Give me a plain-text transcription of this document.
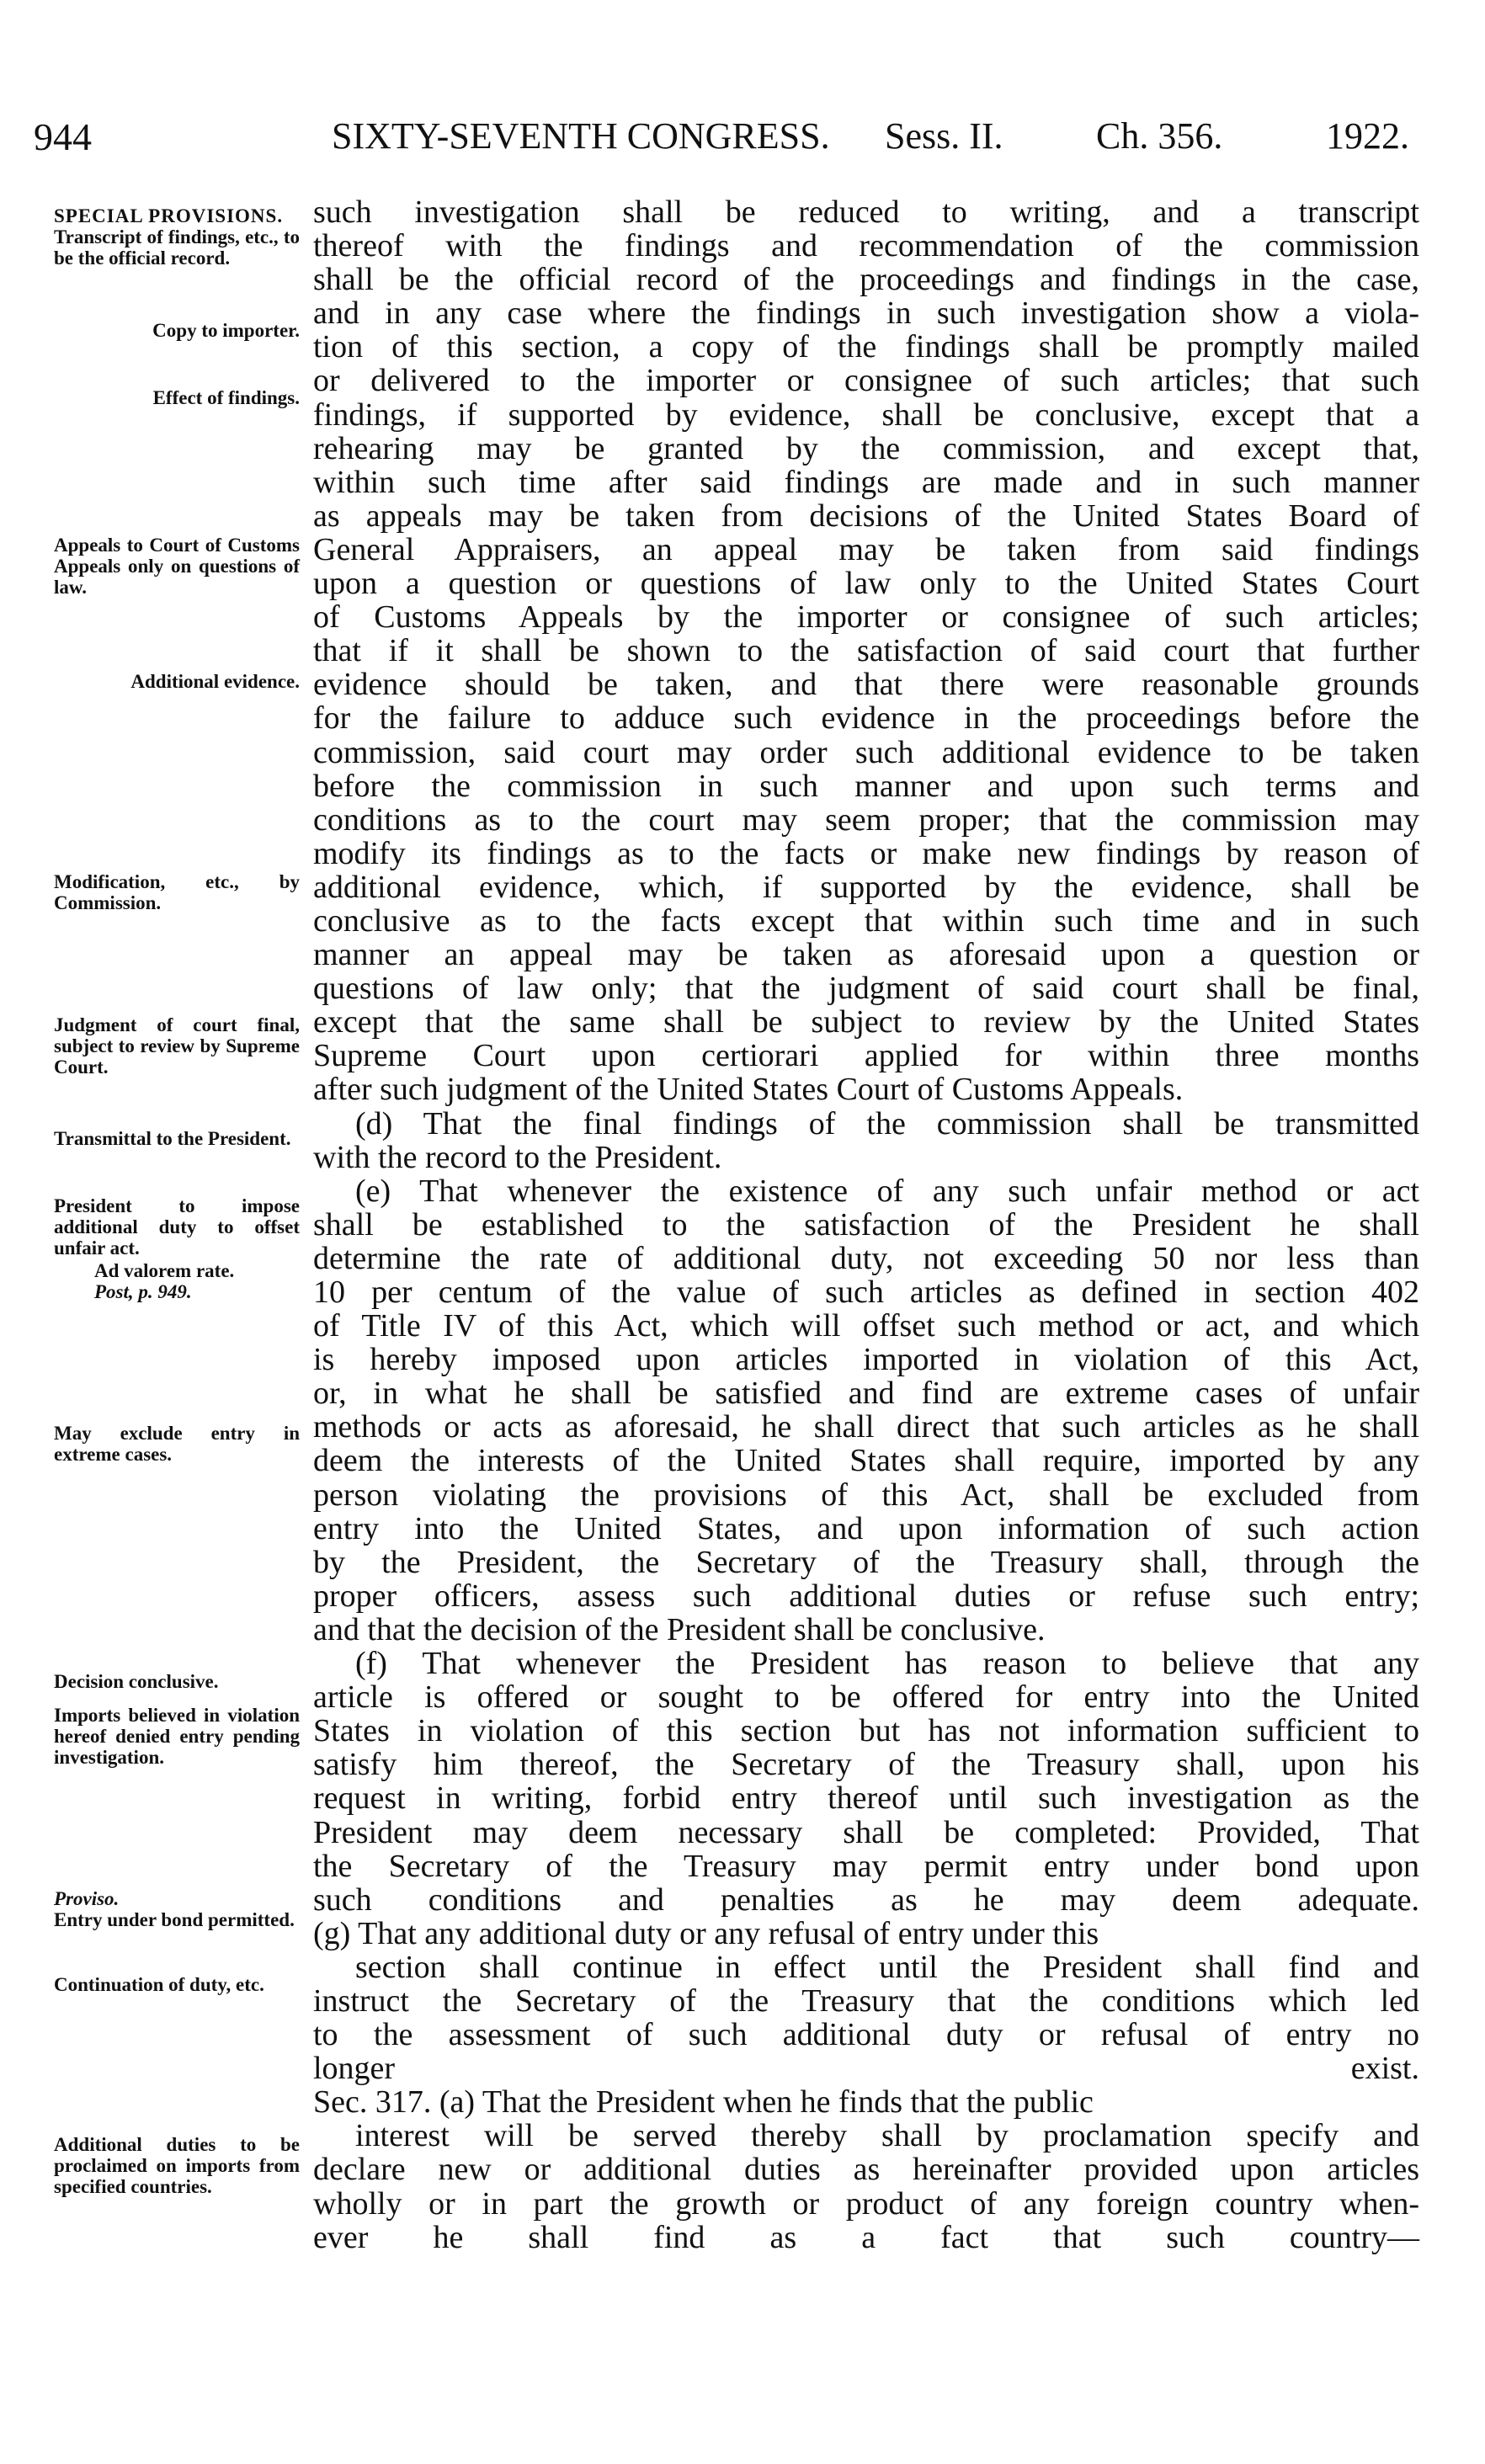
944	SIXTY-SEVENTH CONGRESS. Sess. II.	Ch. 356.	1922.
SPECIAL PROVISIONS.
Transcript of findings, etc., to be the official record.
Copy to importer.
Effect of findings.
Appeals to Court of Customs Appeals only on questions of law.
Additional evidence.
Modification, etc., by Commission.
Judgment of court final, subject to review by Supreme Court.
Transmittal to the President.
President to impose additional duty to offset unfair act.
Ad valorem rate.
Post, p. 949.
May exclude entry in extreme cases.
Decision conclusive.
Imports believed in violation hereof denied entry pending investigation.
Proviso.
Entry under bond permitted.
Continuation of duty, etc.
Additional duties to be proclaimed on imports from specified countries.
such investigation shall be reduced to writing, and a transcript
thereof with the findings and recommendation of the commission
shall be the official record of the proceedings and findings in the case,
and in any case where the findings in such investigation show a viola-
tion of this section, a copy of the findings shall be promptly mailed
or delivered to the importer or consignee of such articles; that such
findings, if supported by evidence, shall be conclusive, except that a
rehearing may be granted by the commission, and except that,
within such time after said findings are made and in such manner
as appeals may be taken from decisions of the United States Board of
General Appraisers, an appeal may be taken from said findings
upon a question or questions of law only to the United States Court
of Customs Appeals by the importer or consignee of such articles;
that if it shall be shown to the satisfaction of said court that further
evidence should be taken, and that there were reasonable grounds
for the failure to adduce such evidence in the proceedings before the
commission, said court may order such additional evidence to be taken
before the commission in such manner and upon such terms and
conditions as to the court may seem proper; that the commission may
modify its findings as to the facts or make new findings by reason of
additional evidence, which, if supported by the evidence, shall be
conclusive as to the facts except that within such time and in such
manner an appeal may be taken as aforesaid upon a question or
questions of law only; that the judgment of said court shall be final,
except that the same shall be subject to review by the United States
Supreme Court upon certiorari applied for within three months
after such judgment of the United States Court of Customs Appeals.
(d) That the final findings of the commission shall be transmitted
with the record to the President.
(e) That whenever the existence of any such unfair method or act
shall be established to the satisfaction of the President he shall
determine the rate of additional duty, not exceeding 50 nor less than
10 per centum of the value of such articles as defined in section 402
of Title IV of this Act, which will offset such method or act, and which
is hereby imposed upon articles imported in violation of this Act,
or, in what he shall be satisfied and find are extreme cases of unfair
methods or acts as aforesaid, he shall direct that such articles as he shall
deem the interests of the United States shall require, imported by any
person violating the provisions of this Act, shall be excluded from
entry into the United States, and upon information of such action
by the President, the Secretary of the Treasury shall, through the
proper officers, assess such additional duties or refuse such entry;
and that the decision of the President shall be conclusive.
(f) That whenever the President has reason to believe that any
article is offered or sought to be offered for entry into the United
States in violation of this section but has not information sufficient to
satisfy him thereof, the Secretary of the Treasury shall, upon his
request in writing, forbid entry thereof until such investigation as the
President may deem necessary shall be completed: Provided, That
the Secretary of the Treasury may permit entry under bond upon
such conditions and penalties as he may deem adequate.
(g) That any additional duty or any refusal of entry under this
section shall continue in effect until the President shall find and
instruct the Secretary of the Treasury that the conditions which led
to the assessment of such additional duty or refusal of entry no
longer exist.
Sec. 317. (a) That the President when he finds that the public
interest will be served thereby shall by proclamation specify and
declare new or additional duties as hereinafter provided upon articles
wholly or in part the growth or product of any foreign country when-
ever he shall find as a fact that such country—
